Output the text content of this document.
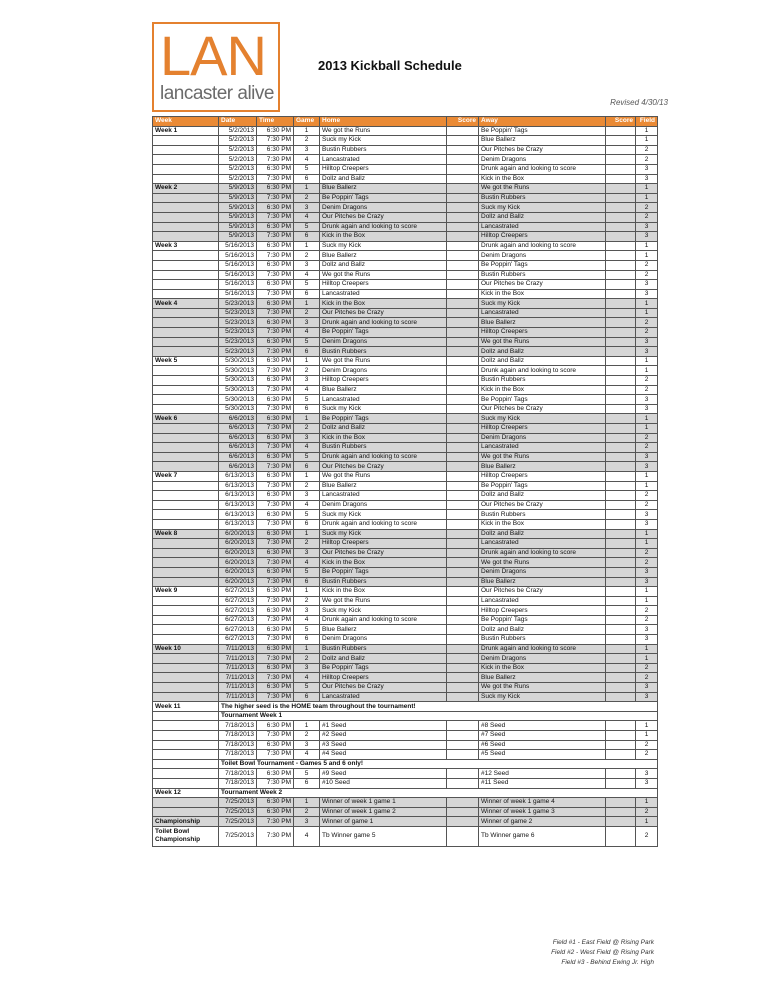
LAN
lancaster alive
2013 Kickball Schedule
Revised 4/30/13
Week	Date	Time	Game	Home	Score	Away	Score	Field
Week 1	5/2/2013	6:30 PM	1	We got the Runs		Be Poppin' Tags		1
	5/2/2013	7:30 PM	2	Suck my Kick		Blue Ballerz		1
	5/2/2013	6:30 PM	3	Bustin Rubbers		Our Pitches be Crazy		2
	5/2/2013	7:30 PM	4	Lancastrated		Denim Dragons		2
	5/2/2013	6:30 PM	5	Hilltop Creepers		Drunk again and looking to score		3
	5/2/2013	7:30 PM	6	Dollz and Ballz		Kick in the Box		3
Week 2	5/9/2013	6:30 PM	1	Blue Ballerz		We got the Runs		1
	5/9/2013	7:30 PM	2	Be Poppin' Tags		Bustin Rubbers		1
	5/9/2013	6:30 PM	3	Denim Dragons		Suck my Kick		2
	5/9/2013	7:30 PM	4	Our Pitches be Crazy		Dollz and Ballz		2
	5/9/2013	6:30 PM	5	Drunk again and looking to score		Lancastrated		3
	5/9/2013	7:30 PM	6	Kick in the Box		Hilltop Creepers		3
Week 3	5/16/2013	6:30 PM	1	Suck my Kick		Drunk again and looking to score		1
	5/16/2013	7:30 PM	2	Blue Ballerz		Denim Dragons		1
	5/16/2013	6:30 PM	3	Dollz and Ballz		Be Poppin' Tags		2
	5/16/2013	7:30 PM	4	We got the Runs		Bustin Rubbers		2
	5/16/2013	6:30 PM	5	Hilltop Creepers		Our Pitches be Crazy		3
	5/16/2013	7:30 PM	6	Lancastrated		Kick in the Box		3
Week 4	5/23/2013	6:30 PM	1	Kick in the Box		Suck my Kick		1
	5/23/2013	7:30 PM	2	Our Pitches be Crazy		Lancastrated		1
	5/23/2013	6:30 PM	3	Drunk again and looking to score		Blue Ballerz		2
	5/23/2013	7:30 PM	4	Be Poppin' Tags		Hilltop Creepers		2
	5/23/2013	6:30 PM	5	Denim Dragons		We got the Runs		3
	5/23/2013	7:30 PM	6	Bustin Rubbers		Dollz and Ballz		3
Week 5	5/30/2013	6:30 PM	1	We got the Runs		Dollz and Ballz		1
	5/30/2013	7:30 PM	2	Denim Dragons		Drunk again and looking to score		1
	5/30/2013	6:30 PM	3	Hilltop Creepers		Bustin Rubbers		2
	5/30/2013	7:30 PM	4	Blue Ballerz		Kick in the Box		2
	5/30/2013	6:30 PM	5	Lancastrated		Be Poppin' Tags		3
	5/30/2013	7:30 PM	6	Suck my Kick		Our Pitches be Crazy		3
Week 6	6/6/2013	6:30 PM	1	Be Poppin' Tags		Suck my Kick		1
	6/6/2013	7:30 PM	2	Dollz and Ballz		Hilltop Creepers		1
	6/6/2013	6:30 PM	3	Kick in the Box		Denim Dragons		2
	6/6/2013	7:30 PM	4	Bustin Rubbers		Lancastrated		2
	6/6/2013	6:30 PM	5	Drunk again and looking to score		We got the Runs		3
	6/6/2013	7:30 PM	6	Our Pitches be Crazy		Blue Ballerz		3
Week 7	6/13/2013	6:30 PM	1	We got the Runs		Hilltop Creepers		1
	6/13/2013	7:30 PM	2	Blue Ballerz		Be Poppin' Tags		1
	6/13/2013	6:30 PM	3	Lancastrated		Dollz and Ballz		2
	6/13/2013	7:30 PM	4	Denim Dragons		Our Pitches be Crazy		2
	6/13/2013	6:30 PM	5	Suck my Kick		Bustin Rubbers		3
	6/13/2013	7:30 PM	6	Drunk again and looking to score		Kick in the Box		3
Week 8	6/20/2013	6:30 PM	1	Suck my Kick		Dollz and Ballz		1
	6/20/2013	7:30 PM	2	Hilltop Creepers		Lancastrated		1
	6/20/2013	6:30 PM	3	Our Pitches be Crazy		Drunk again and looking to score		2
	6/20/2013	7:30 PM	4	Kick in the Box		We got the Runs		2
	6/20/2013	6:30 PM	5	Be Poppin' Tags		Denim Dragons		3
	6/20/2013	7:30 PM	6	Bustin Rubbers		Blue Ballerz		3
Week 9	6/27/2013	6:30 PM	1	Kick in the Box		Our Pitches be Crazy		1
	6/27/2013	7:30 PM	2	We got the Runs		Lancastrated		1
	6/27/2013	6:30 PM	3	Suck my Kick		Hilltop Creepers		2
	6/27/2013	7:30 PM	4	Drunk again and looking to score		Be Poppin' Tags		2
	6/27/2013	6:30 PM	5	Blue Ballerz		Dollz and Ballz		3
	6/27/2013	7:30 PM	6	Denim Dragons		Bustin Rubbers		3
Week 10	7/11/2013	6:30 PM	1	Bustin Rubbers		Drunk again and looking to score		1
	7/11/2013	7:30 PM	2	Dollz and Ballz		Denim Dragons		1
	7/11/2013	6:30 PM	3	Be Poppin' Tags		Kick in the Box		2
	7/11/2013	7:30 PM	4	Hilltop Creepers		Blue Ballerz		2
	7/11/2013	6:30 PM	5	Our Pitches be Crazy		We got the Runs		3
	7/11/2013	7:30 PM	6	Lancastrated		Suck my Kick		3
Week 11	The higher seed is the HOME team throughout the tournament!							
	Tournament Week 1							
	7/18/2013	6:30 PM	1	#1 Seed		#8 Seed		1
	7/18/2013	7:30 PM	2	#2 Seed		#7 Seed		1
	7/18/2013	6:30 PM	3	#3 Seed		#6 Seed		2
	7/18/2013	7:30 PM	4	#4 Seed		#5 Seed		2
	Toilet Bowl Tournament - Games 5 and 6 only!							
	7/18/2013	6:30 PM	5	#9 Seed		#12 Seed		3
	7/18/2013	7:30 PM	6	#10 Seed		#11 Seed		3
Week 12	Tournament Week 2							
	7/25/2013	6:30 PM	1	Winner of week 1 game 1		Winner of week 1 game 4		1
	7/25/2013	6:30 PM	2	Winner of week 1 game 2		Winner of week 1 game 3		2
Championship	7/25/2013	7:30 PM	3	Winner of game 1		Winner of game 2		1
Toilet Bowl Championship	7/25/2013	7:30 PM	4	Tb Winner game 5		Tb Winner game 6		2
Field #1 - East Field @ Rising Park
Field #2 - West Field @ Rising Park
Field #3 - Behind Ewing Jr. High
